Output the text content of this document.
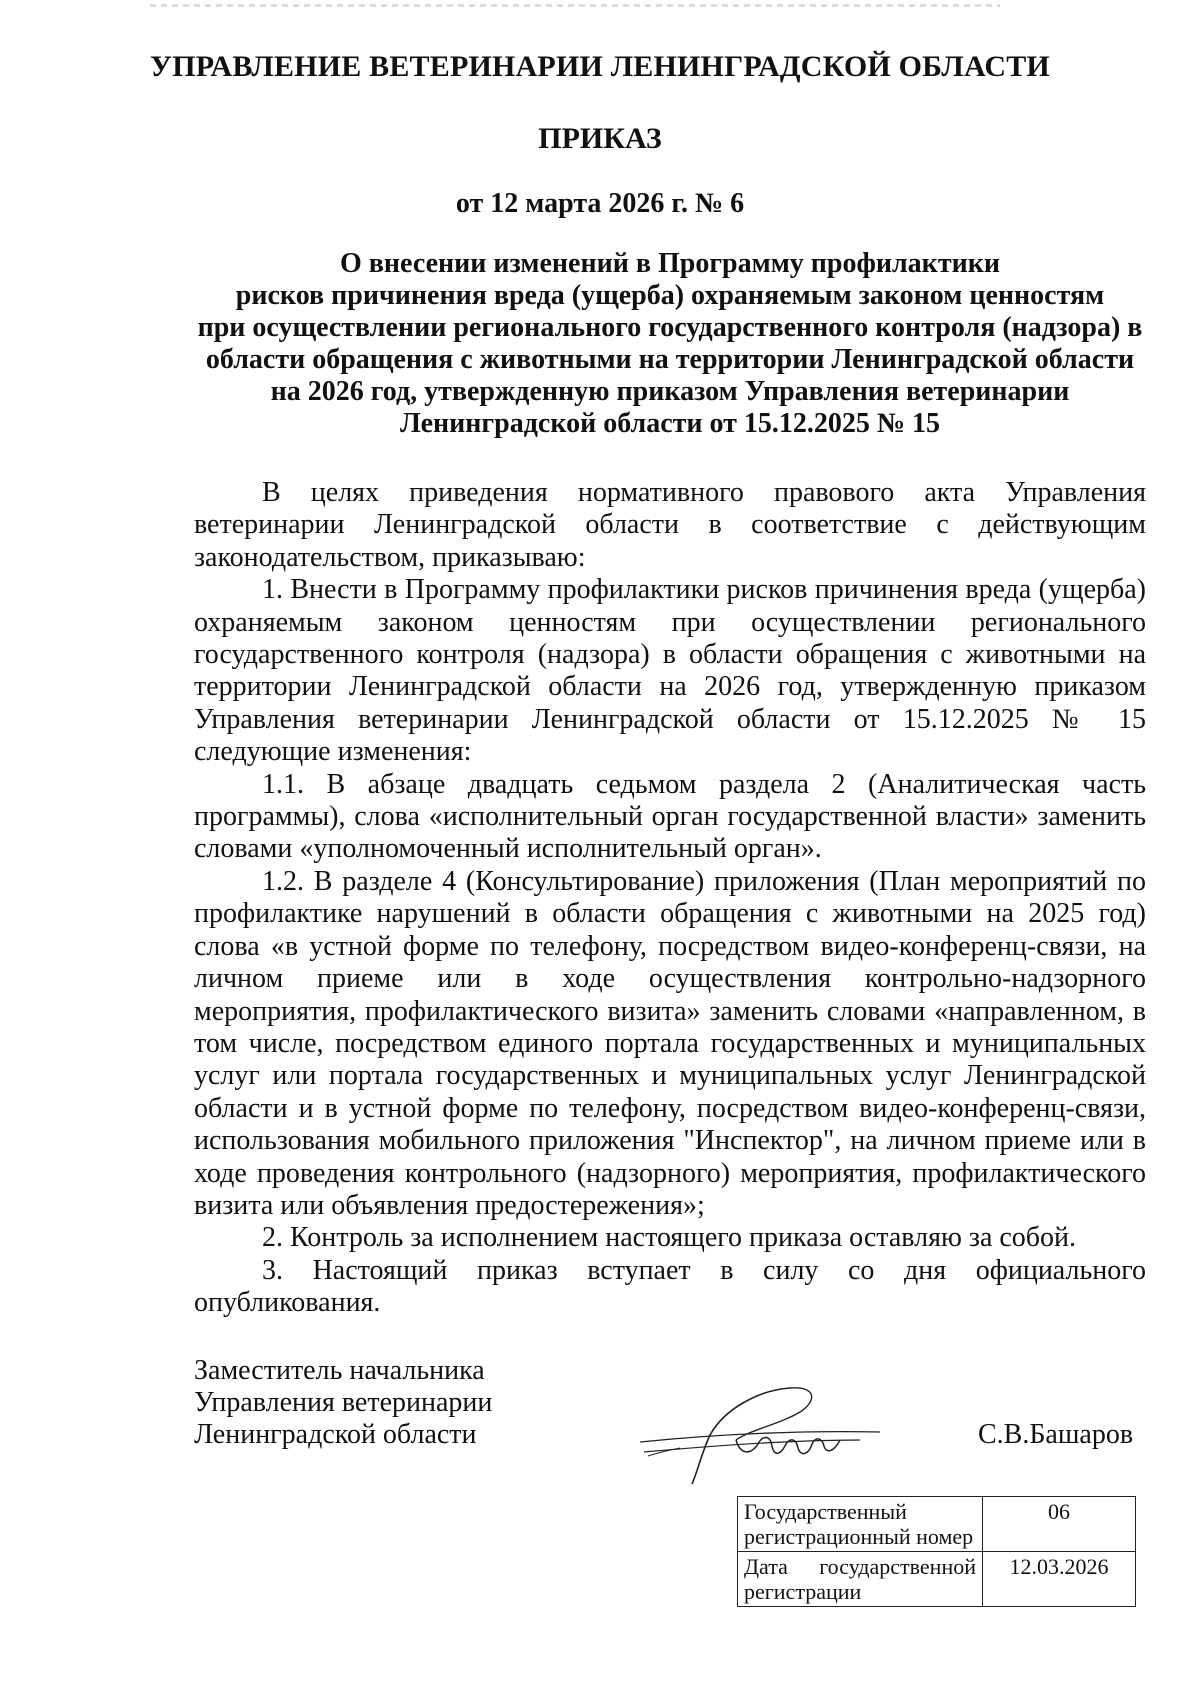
УПРАВЛЕНИЕ ВЕТЕРИНАРИИ ЛЕНИНГРАДСКОЙ ОБЛАСТИ
ПРИКАЗ
от 12 марта 2026 г. № 6
О внесении изменений в Программу профилактики
рисков причинения вреда (ущерба) охраняемым законом ценностям
при осуществлении регионального государственного контроля (надзора) в
области обращения с животными на территории Ленинградской области
на 2026 год, утвержденную приказом Управления ветеринарии
Ленинградской области от 15.12.2025 № 15

В целях приведения нормативного правового акта Управления ветеринарии Ленинградской области в соответствие с действующим законодательством, приказываю:

1. Внести в Программу профилактики рисков причинения вреда (ущерба) охраняемым законом ценностям при осуществлении регионального государственного контроля (надзора) в области обращения с животными на территории Ленинградской области на 2026 год, утвержденную приказом Управления ветеринарии Ленинградской области от 15.12.2025 № 15 следующие изменения:

1.1. В абзаце двадцать седьмом раздела 2 (Аналитическая часть программы), слова «исполнительный орган государственной власти» заменить словами «уполномоченный исполнительный орган».

1.2. В разделе 4 (Консультирование) приложения (План мероприятий по профилактике нарушений в области обращения с животными на 2025 год) слова «в устной форме по телефону, посредством видео-конференц-связи, на личном приеме или в ходе осуществления контрольно-надзорного мероприятия, профилактического визита» заменить словами «направленном, в том числе, посредством единого портала государственных и муниципальных услуг или портала государственных и муниципальных услуг Ленинградской области и в устной форме по телефону, посредством видео-конференц-связи, использования мобильного приложения "Инспектор", на личном приеме или в ходе проведения контрольного (надзорного) мероприятия, профилактического визита или объявления предостережения»;

2. Контроль за исполнением настоящего приказа оставляю за собой.

3. Настоящий приказ вступает в силу со дня официального опубликования.

Заместитель начальника
Управления ветеринарии
Ленинградской области	С.В.Башаров
Государственный регистрационный номер	06
Дата государственной регистрации	12.03.2026
